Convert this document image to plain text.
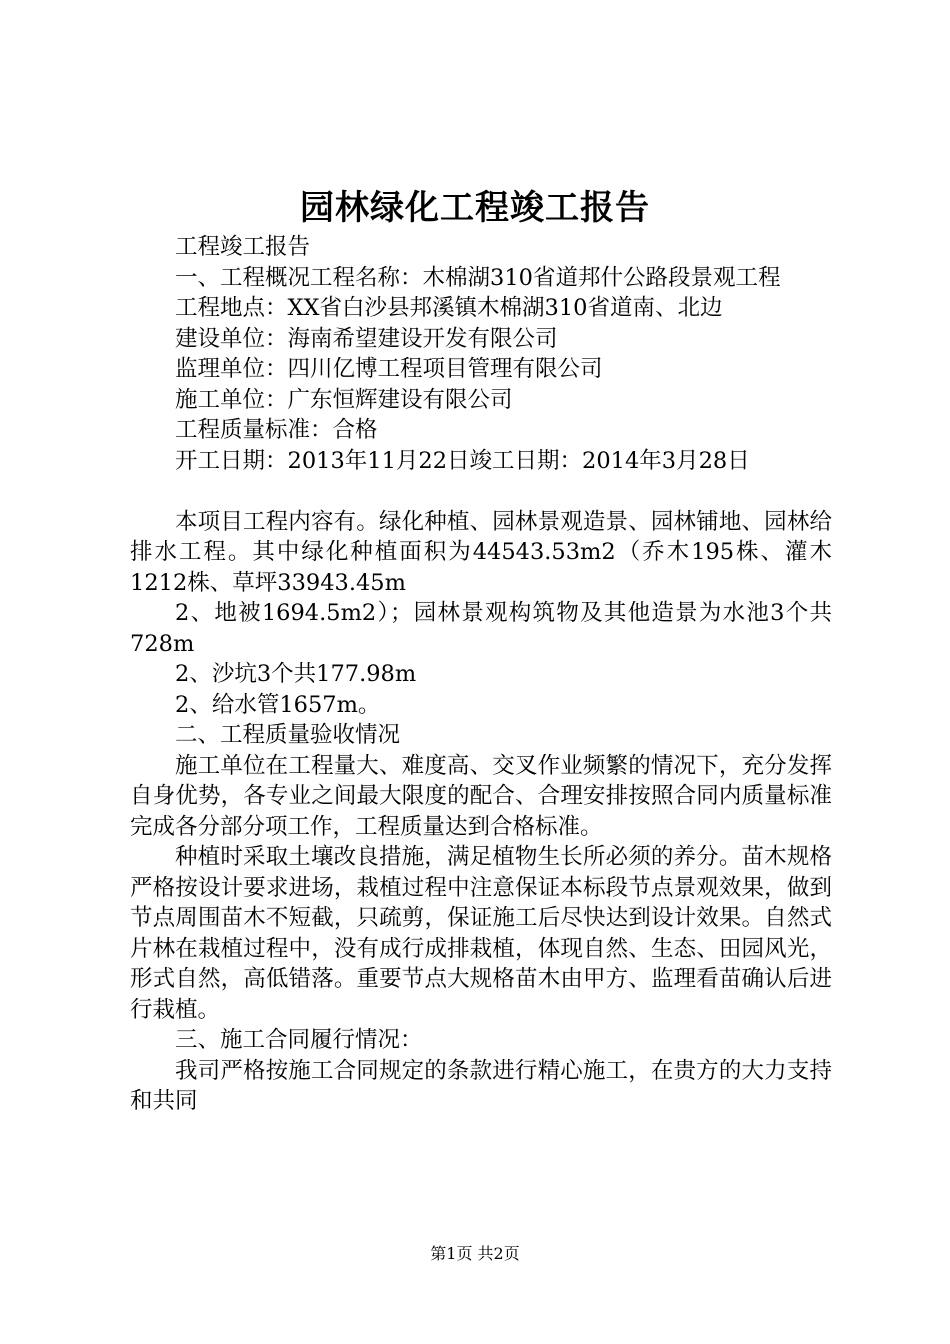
园林绿化工程竣工报告

工程竣工报告

一、工程概况工程名称：木棉湖310省道邦什公路段景观工程

工程地点：XX省白沙县邦溪镇木棉湖310省道南、北边

建设单位：海南希望建设开发有限公司

监理单位：四川亿博工程项目管理有限公司

施工单位：广东恒辉建设有限公司

工程质量标准：合格

开工日期：2013年11月22日竣工日期：2014年3月28日

本项目工程内容有。绿化种植、园林景观造景、园林铺地、园林给排水工程。其中绿化种植面积为44543.53m2（乔木195株、灌木1212株、草坪33943.45m

2、地被1694.5m2）；园林景观构筑物及其他造景为水池3个共728m

2、沙坑3个共177.98m

2、给水管1657m。

二、工程质量验收情况

施工单位在工程量大、难度高、交叉作业频繁的情况下，充分发挥自身优势，各专业之间最大限度的配合、合理安排按照合同内质量标准完成各分部分项工作，工程质量达到合格标准。

种植时采取土壤改良措施，满足植物生长所必须的养分。苗木规格严格按设计要求进场，栽植过程中注意保证本标段节点景观效果，做到节点周围苗木不短截，只疏剪，保证施工后尽快达到设计效果。自然式片林在栽植过程中，没有成行成排栽植，体现自然、生态、田园风光，形式自然，高低错落。重要节点大规格苗木由甲方、监理看苗确认后进行栽植。

三、施工合同履行情况：

我司严格按施工合同规定的条款进行精心施工，在贵方的大力支持和共同

第1页 共2页
